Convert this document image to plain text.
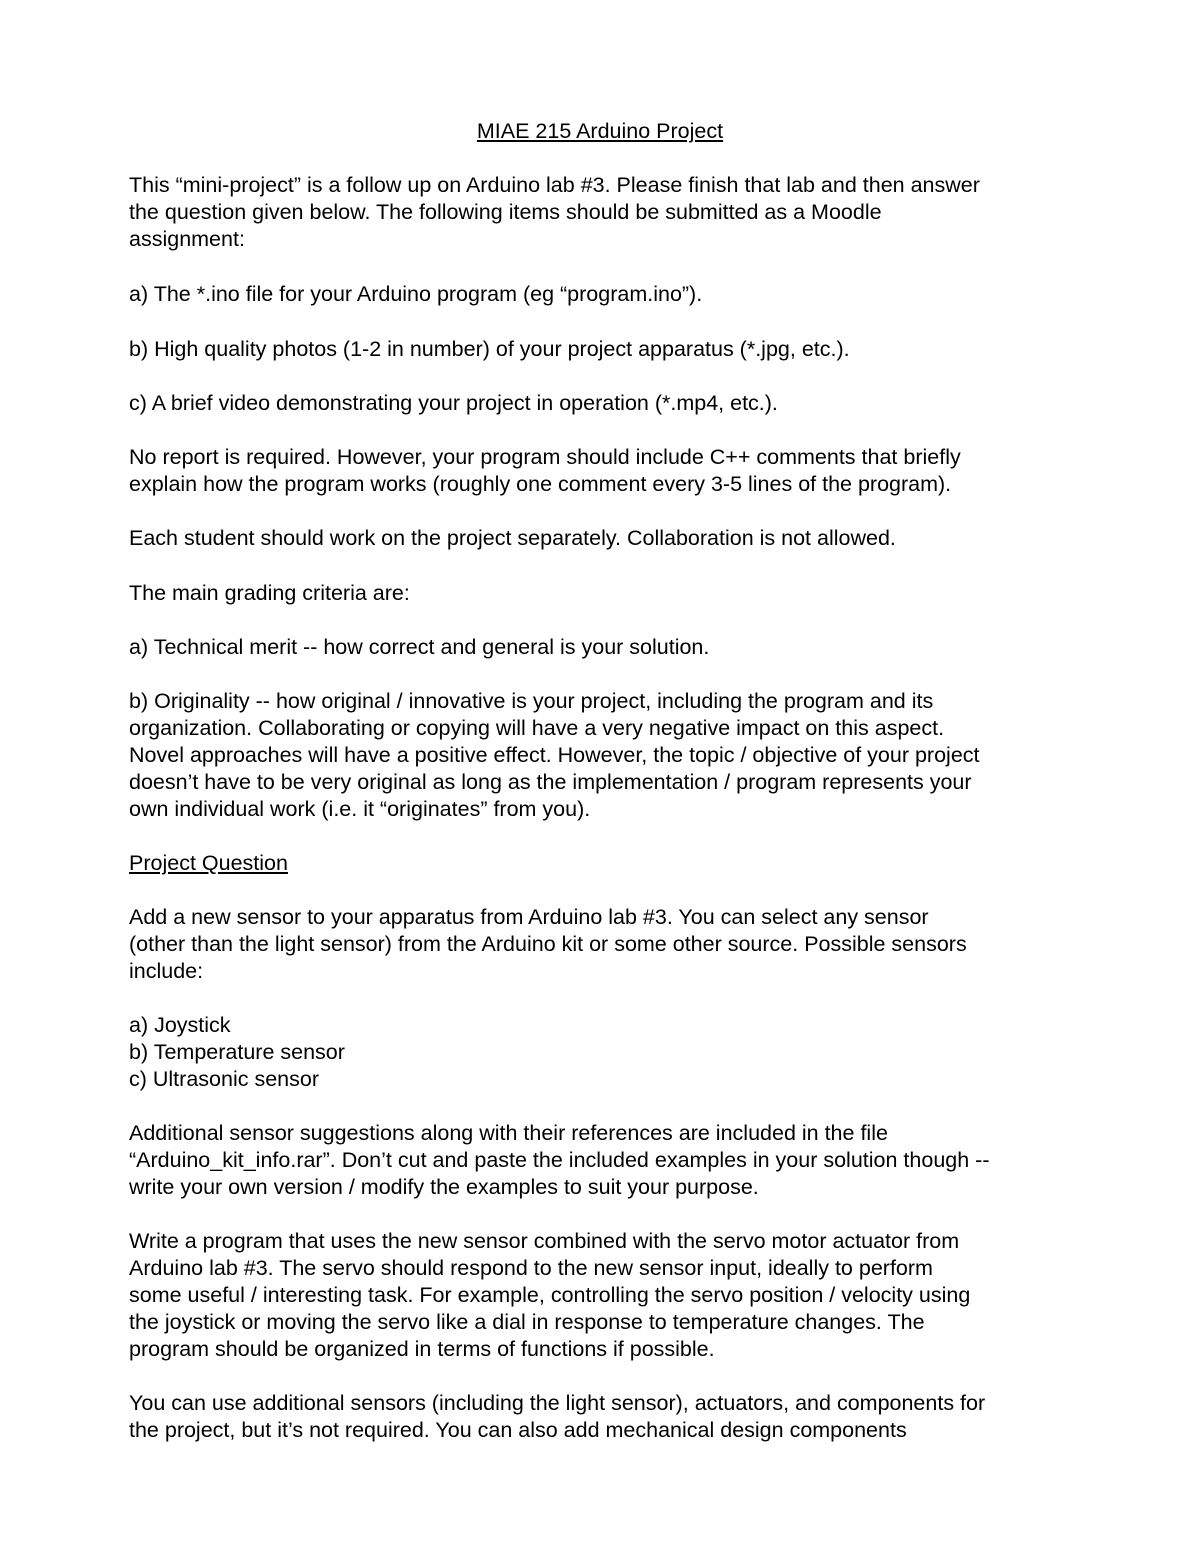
MIAE 215 Arduino Project
This “mini-project” is a follow up on Arduino lab #3. Please finish that lab and then answer
the question given below. The following items should be submitted as a Moodle
assignment:

a) The *.ino file for your Arduino program (eg “program.ino”).

b) High quality photos (1-2 in number) of your project apparatus (*.jpg, etc.).

c) A brief video demonstrating your project in operation (*.mp4, etc.).

No report is required. However, your program should include C++ comments that briefly
explain how the program works (roughly one comment every 3-5 lines of the program).

Each student should work on the project separately. Collaboration is not allowed.

The main grading criteria are:

a) Technical merit -- how correct and general is your solution.

b) Originality -- how original / innovative is your project, including the program and its
organization. Collaborating or copying will have a very negative impact on this aspect.
Novel approaches will have a positive effect. However, the topic / objective of your project
doesn’t have to be very original as long as the implementation / program represents your
own individual work (i.e. it “originates” from you).

Project Question

Add a new sensor to your apparatus from Arduino lab #3. You can select any sensor
(other than the light sensor) from the Arduino kit or some other source. Possible sensors
include:
a) Joystick
b) Temperature sensor
c) Ultrasonic sensor
Additional sensor suggestions along with their references are included in the file
“Arduino_kit_info.rar”. Don’t cut and paste the included examples in your solution though --
write your own version / modify the examples to suit your purpose.
Write a program that uses the new sensor combined with the servo motor actuator from
Arduino lab #3. The servo should respond to the new sensor input, ideally to perform
some useful / interesting task. For example, controlling the servo position / velocity using
the joystick or moving the servo like a dial in response to temperature changes. The
program should be organized in terms of functions if possible.
You can use additional sensors (including the light sensor), actuators, and components for
the project, but it’s not required. You can also add mechanical design components
